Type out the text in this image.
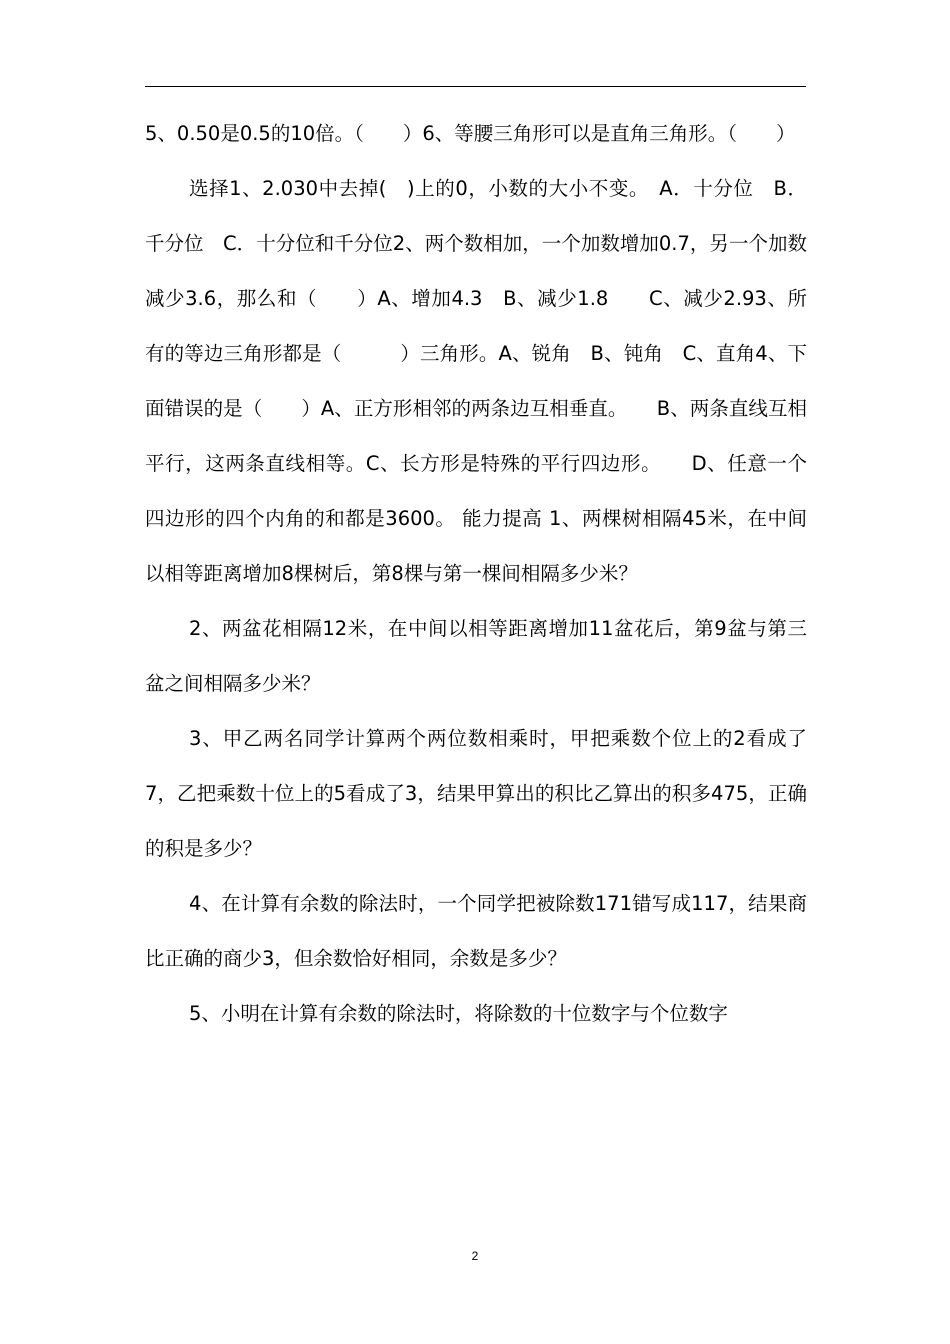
5、0.50是0.5的10倍。（　　）6、等腰三角形可以是直角三角形。（　　）

选择1、2.030中去掉(　)上的0，小数的大小不变。　A．十分位　B．千分位　C．十分位和千分位2、两个数相加，一个加数增加0.7，另一个加数减少3.6，那么和（　　）A、增加4.3　B、减少1.8　　C、减少2.93、所有的等边三角形都是（　　　）三角形。A、锐角　B、钝角　C、直角4、下面错误的是（　　）A、正方形相邻的两条边互相垂直。　　B、两条直线互相平行，这两条直线相等。C、长方形是特殊的平行四边形。　　D、任意一个四边形的四个内角的和都是3600。 能力提高 1、两棵树相隔45米，在中间以相等距离增加8棵树后，第8棵与第一棵间相隔多少米？

2、两盆花相隔12米，在中间以相等距离增加11盆花后，第9盆与第三盆之间相隔多少米？

3、甲乙两名同学计算两个两位数相乘时，甲把乘数个位上的2看成了7，乙把乘数十位上的5看成了3，结果甲算出的积比乙算出的积多475，正确的积是多少？

4、在计算有余数的除法时，一个同学把被除数171错写成117，结果商比正确的商少3，但余数恰好相同，余数是多少？

5、小明在计算有余数的除法时，将除数的十位数字与个位数字

2
